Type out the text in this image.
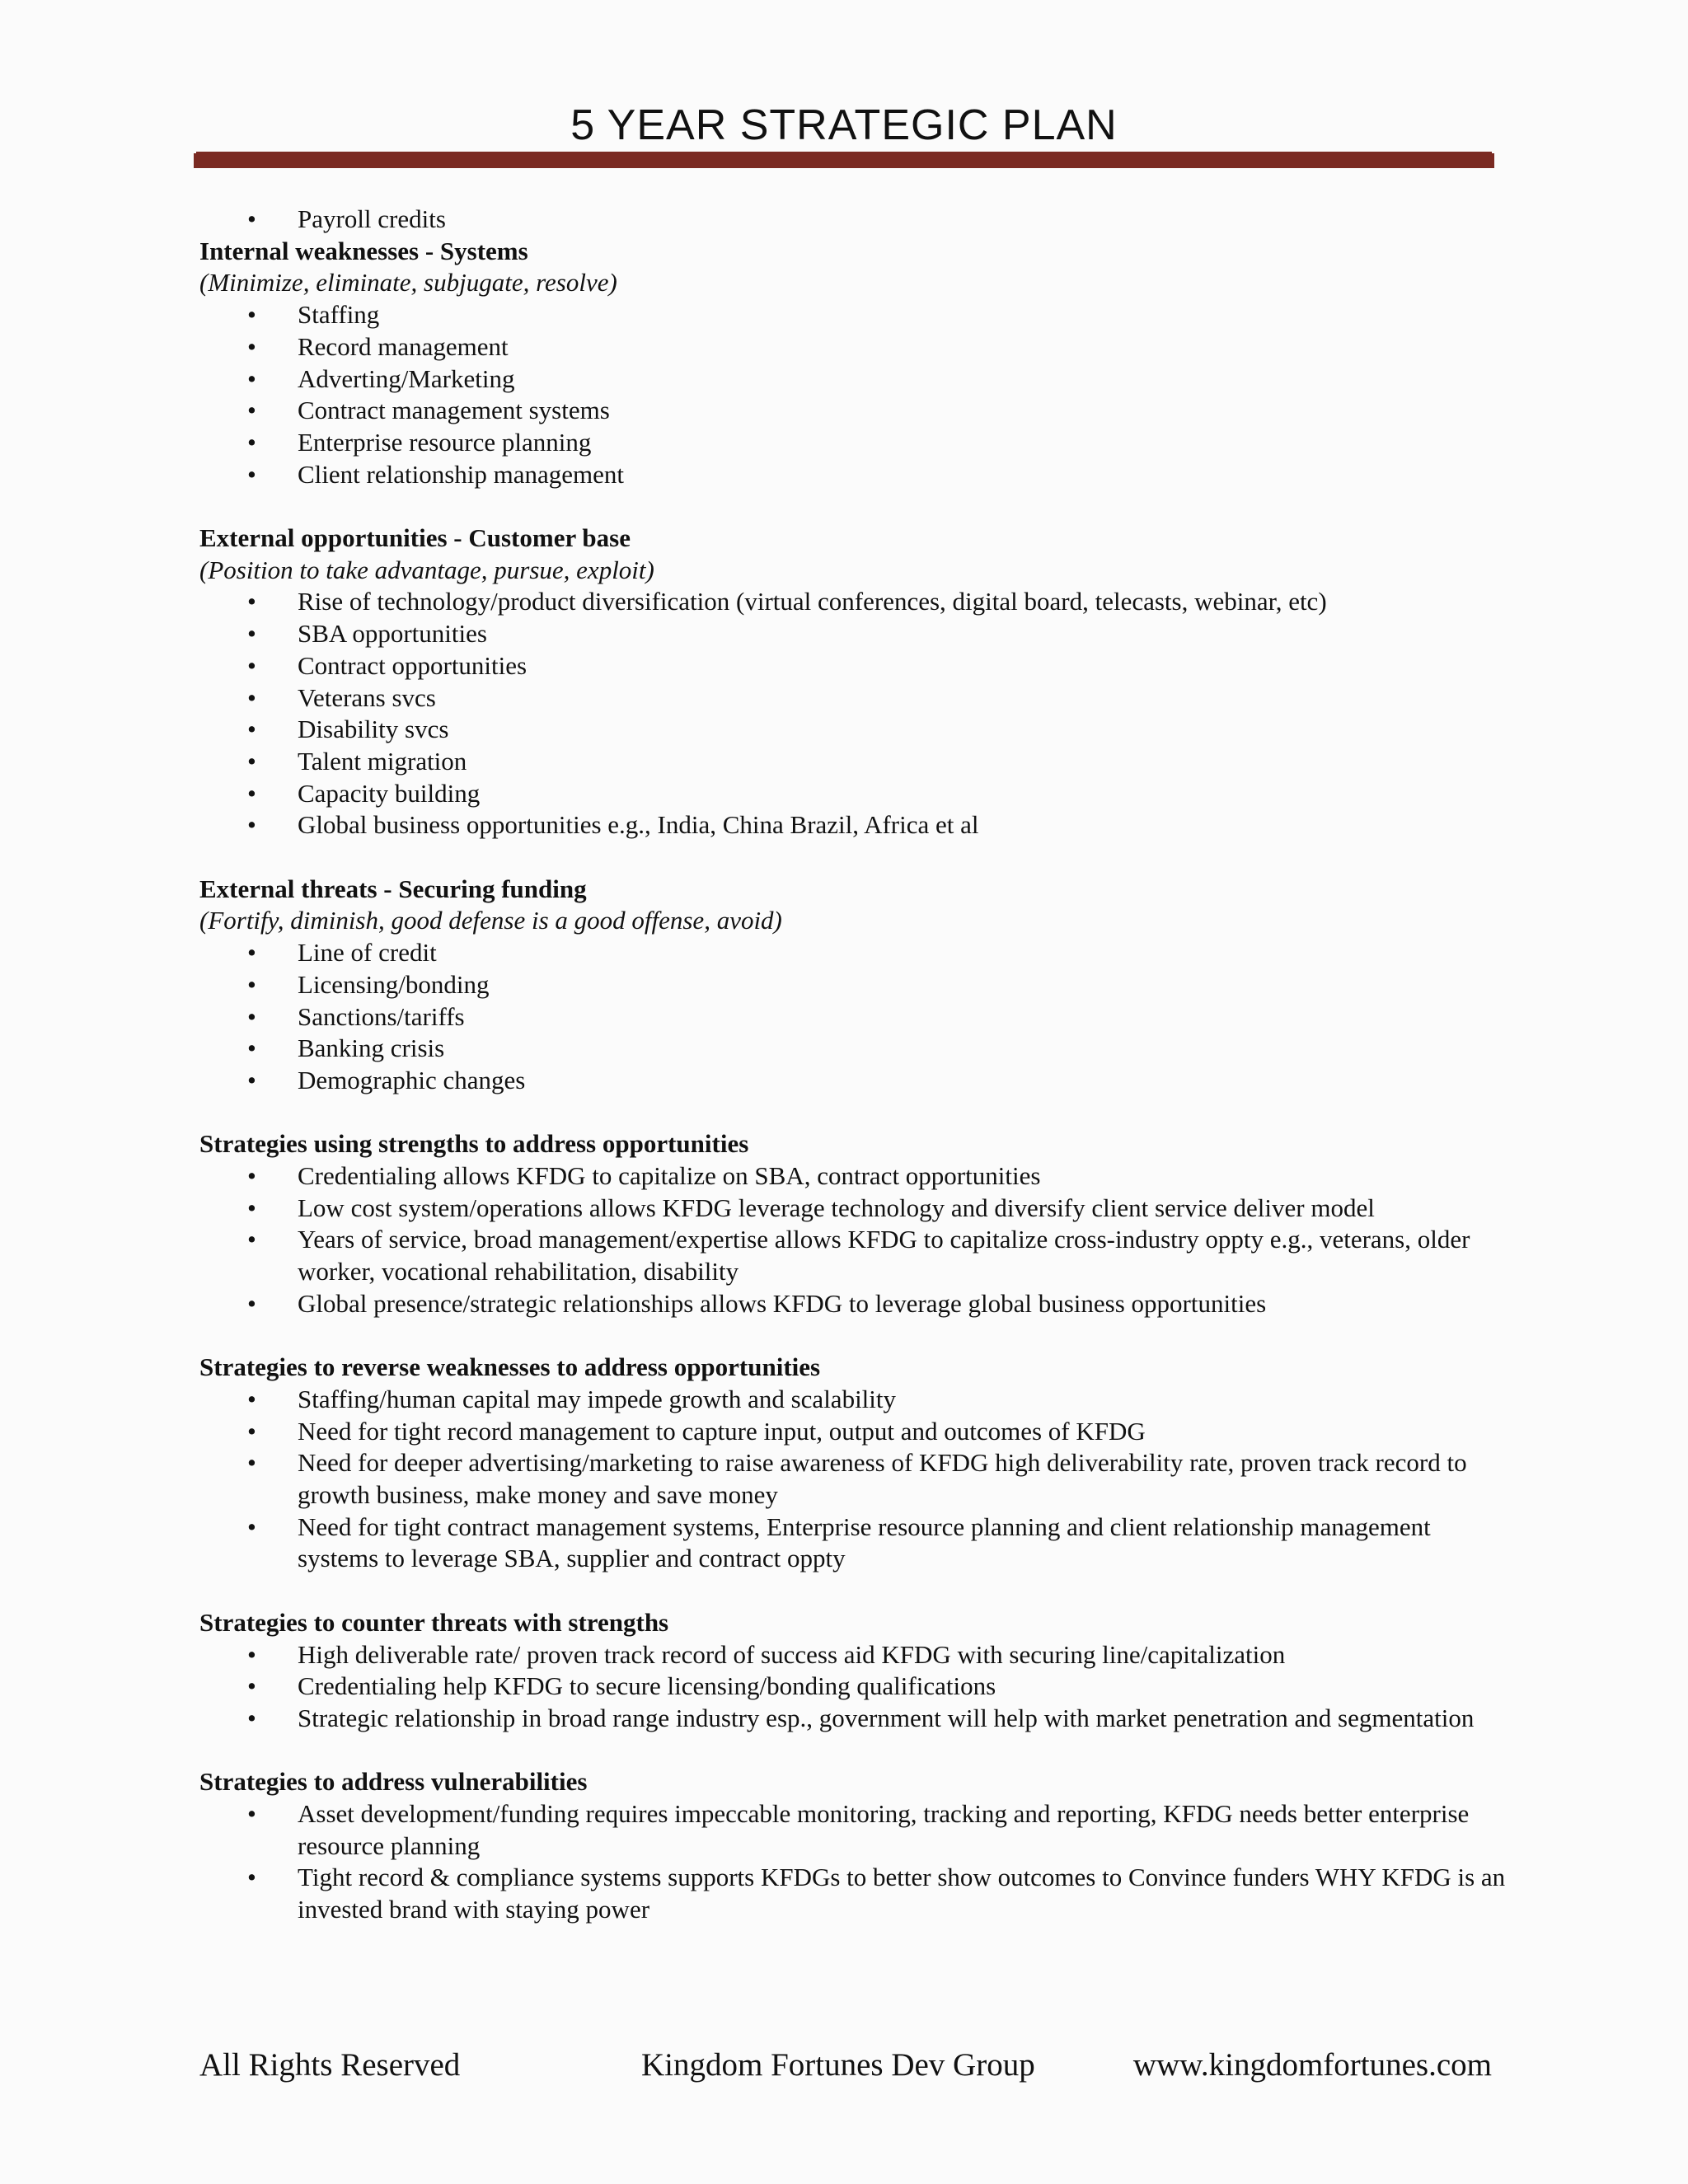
5 YEAR STRATEGIC PLAN
• Payroll credits
Internal weaknesses - Systems
(Minimize, eliminate, subjugate, resolve)
• Staffing
• Record management
• Adverting/Marketing
• Contract management systems
• Enterprise resource planning
• Client relationship management
External opportunities - Customer base
(Position to take advantage, pursue, exploit)
• Rise of technology/product diversification (virtual conferences, digital board, telecasts, webinar, etc)
• SBA opportunities
• Contract opportunities
• Veterans svcs
• Disability svcs
• Talent migration
• Capacity building
• Global business opportunities e.g., India, China Brazil, Africa et al
External threats - Securing funding
(Fortify, diminish, good defense is a good offense, avoid)
• Line of credit
• Licensing/bonding
• Sanctions/tariffs
• Banking crisis
• Demographic changes
Strategies using strengths to address opportunities
• Credentialing allows KFDG to capitalize on SBA, contract opportunities
• Low cost system/operations allows KFDG leverage technology and diversify client service deliver model
• Years of service, broad management/expertise allows KFDG to capitalize cross-industry oppty e.g., veterans, older worker, vocational rehabilitation, disability
• Global presence/strategic relationships allows KFDG to leverage global business opportunities
Strategies to reverse weaknesses to address opportunities
• Staffing/human capital may impede growth and scalability
• Need for tight record management to capture input, output and outcomes of KFDG
• Need for deeper advertising/marketing to raise awareness of KFDG high deliverability rate, proven track record to growth business, make money and save money
• Need for tight contract management systems, Enterprise resource planning and client relationship management systems to leverage SBA, supplier and contract oppty
Strategies to counter threats with strengths
• High deliverable rate/ proven track record of success aid KFDG with securing line/capitalization
• Credentialing help KFDG to secure licensing/bonding qualifications
• Strategic relationship in broad range industry esp., government will help with market penetration and segmentation
Strategies to address vulnerabilities
• Asset development/funding requires impeccable monitoring, tracking and reporting, KFDG needs better enterprise resource planning
• Tight record & compliance systems supports KFDGs to better show outcomes to Convince funders WHY KFDG is an invested brand with staying power
All Rights Reserved	Kingdom Fortunes Dev Group	www.kingdomfortunes.com
